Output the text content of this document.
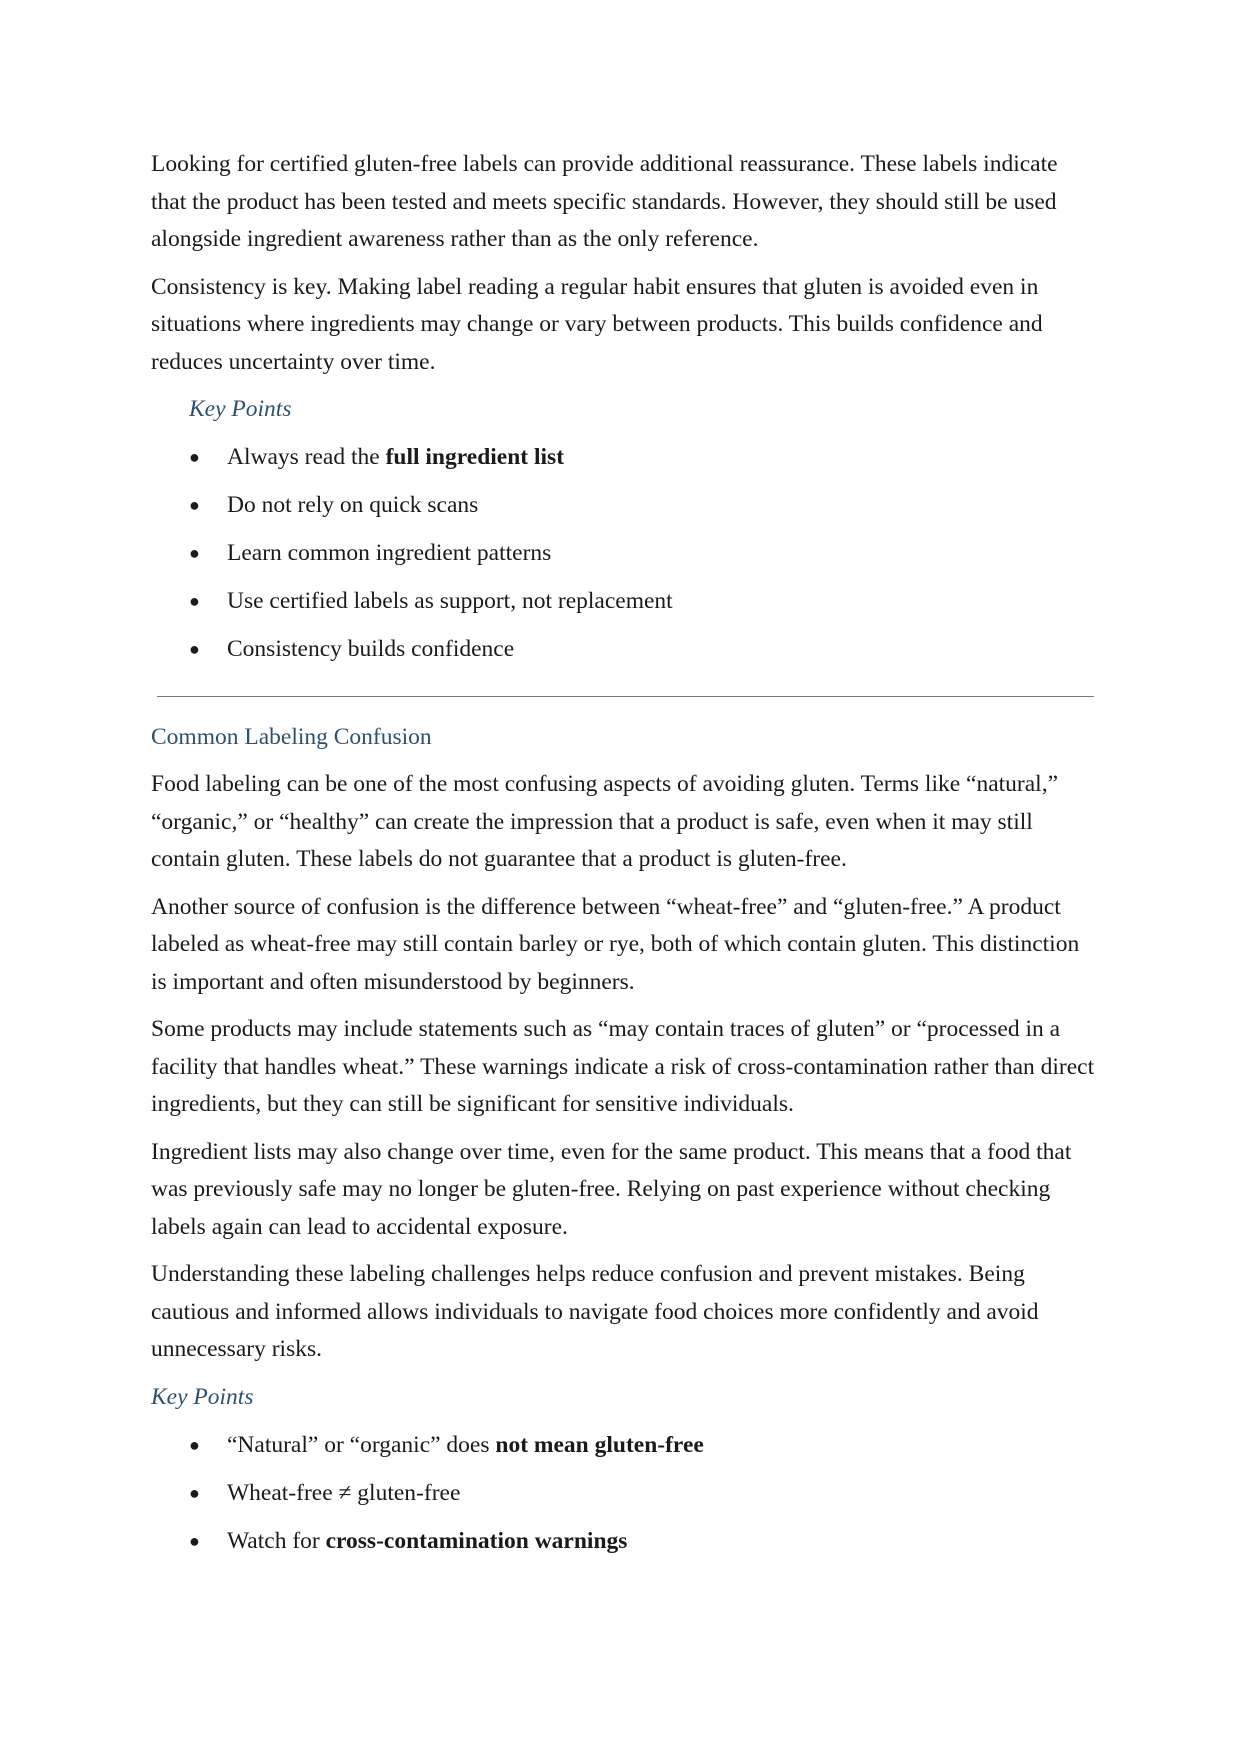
Looking for certified gluten-free labels can provide additional reassurance. These labels indicate that the product has been tested and meets specific standards. However, they should still be used alongside ingredient awareness rather than as the only reference.

Consistency is key. Making label reading a regular habit ensures that gluten is avoided even in situations where ingredients may change or vary between products. This builds confidence and reduces uncertainty over time.

Key Points
● Always read the full ingredient list
● Do not rely on quick scans
● Learn common ingredient patterns
● Use certified labels as support, not replacement
● Consistency builds confidence
Common Labeling Confusion

Food labeling can be one of the most confusing aspects of avoiding gluten. Terms like “natural,” “organic,” or “healthy” can create the impression that a product is safe, even when it may still contain gluten. These labels do not guarantee that a product is gluten-free.

Another source of confusion is the difference between “wheat-free” and “gluten-free.” A product labeled as wheat-free may still contain barley or rye, both of which contain gluten. This distinction is important and often misunderstood by beginners.

Some products may include statements such as “may contain traces of gluten” or “processed in a facility that handles wheat.” These warnings indicate a risk of cross-contamination rather than direct ingredients, but they can still be significant for sensitive individuals.

Ingredient lists may also change over time, even for the same product. This means that a food that was previously safe may no longer be gluten-free. Relying on past experience without checking labels again can lead to accidental exposure.

Understanding these labeling challenges helps reduce confusion and prevent mistakes. Being cautious and informed allows individuals to navigate food choices more confidently and avoid unnecessary risks.

Key Points
● “Natural” or “organic” does not mean gluten-free
● Wheat-free ≠ gluten-free
● Watch for cross-contamination warnings
